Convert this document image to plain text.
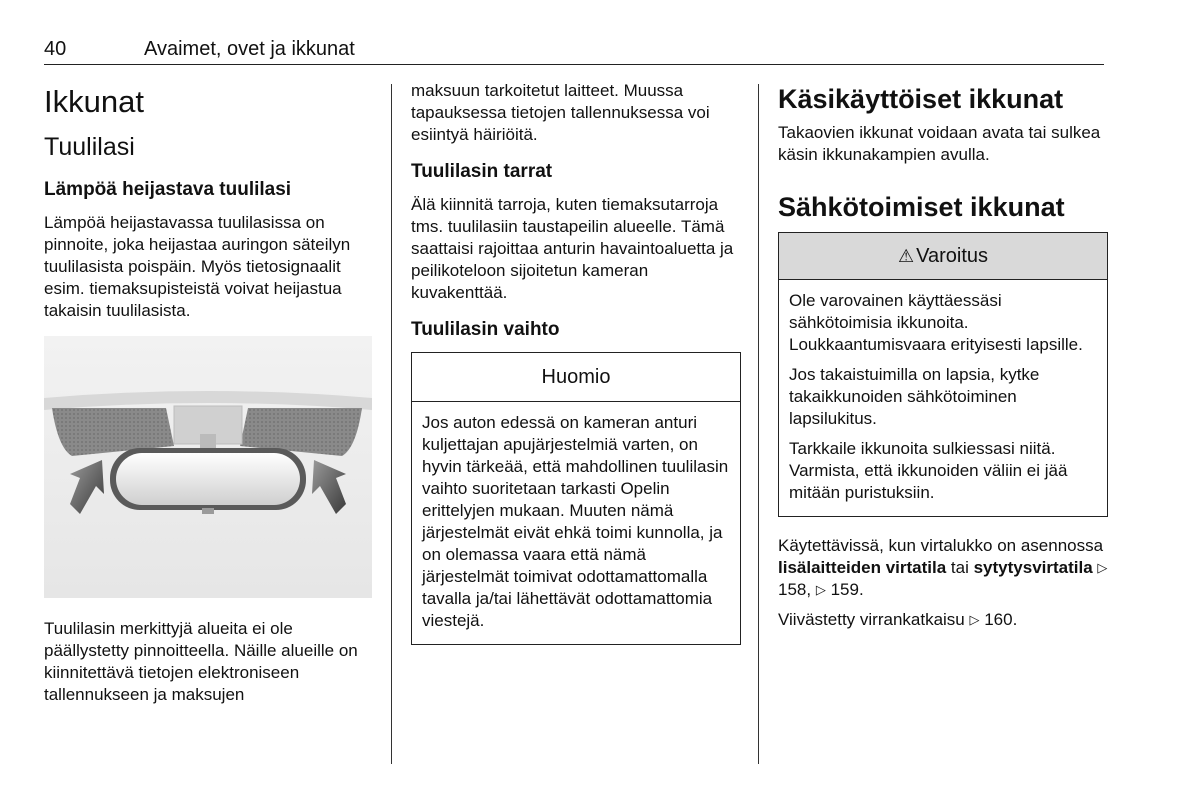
40	Avaimet, ovet ja ikkunat
Ikkunat
Tuulilasi
Lämpöä heijastava tuulilasi

Lämpöä heijastavassa tuulilasissa on pinnoite, joka heijastaa auringon säteilyn tuulilasista poispäin. Myös tietosignaalit esim. tiemaksupisteistä voivat heijastua takaisin tuulilasista.

Tuulilasin merkittyjä alueita ei ole päällystetty pinnoitteella. Näille alueille on kiinnitettävä tietojen elektroniseen tallennukseen ja maksujen

maksuun tarkoitetut laitteet. Muussa tapauksessa tietojen tallennuksessa voi esiintyä häiriöitä.

Tuulilasin tarrat

Älä kiinnitä tarroja, kuten tiemaksutarroja tms. tuulilasiin taustapeilin alueelle. Tämä saattaisi rajoittaa anturin havaintoaluetta ja peilikoteloon sijoitetun kameran kuvakenttää.

Tuulilasin vaihto
Huomio

Jos auton edessä on kameran anturi kuljettajan apujärjestelmiä varten, on hyvin tärkeää, että mahdollinen tuulilasin vaihto suoritetaan tarkasti Opelin erittelyjen mukaan. Muuten nämä järjestelmät eivät ehkä toimi kunnolla, ja on olemassa vaara että nämä järjestelmät toimivat odottamattomalla tavalla ja/tai lähettävät odottamattomia viestejä.

Käsikäyttöiset ikkunat

Takaovien ikkunat voidaan avata tai sulkea käsin ikkunakampien avulla.

Sähkötoimiset ikkunat
⚠ Varoitus

Ole varovainen käyttäessäsi sähkötoimisia ikkunoita. Loukkaantumisvaara erityisesti lapsille.

Jos takaistuimilla on lapsia, kytke takaikkunoiden sähkötoiminen lapsilukitus.

Tarkkaile ikkunoita sulkiessasi niitä. Varmista, että ikkunoiden väliin ei jää mitään puristuksiin.

Käytettävissä, kun virtalukko on asennossa lisälaitteiden virtatila tai sytytysvirtatila ▷ 158, ▷ 159.

Viivästetty virrankatkaisu ▷ 160.
